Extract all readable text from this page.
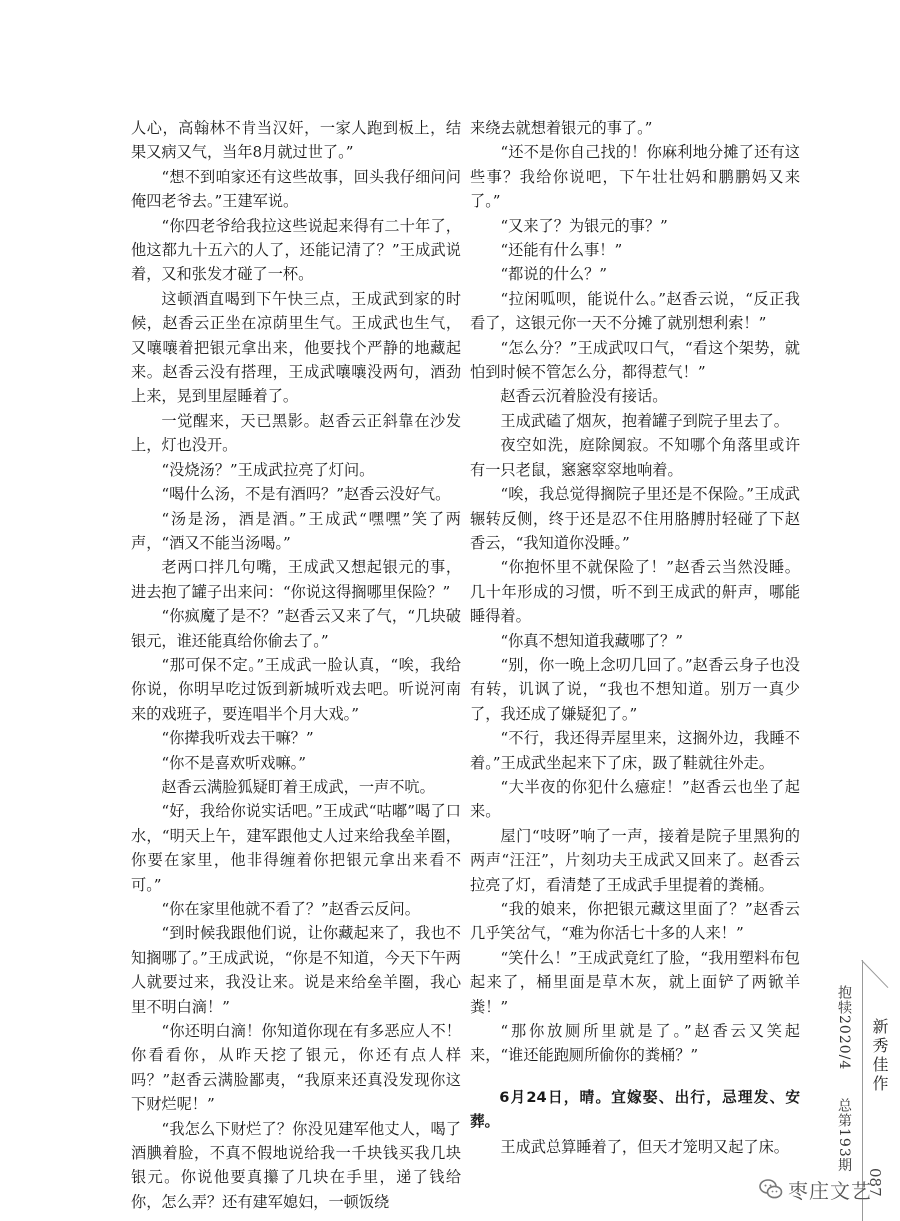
人心，高翰林不肯当汉奸，一家人跑到板上，结果又病又气，当年8月就过世了。”

“想不到咱家还有这些故事，回头我仔细问问俺四老爷去。”王建军说。

“你四老爷给我拉这些说起来得有二十年了，他这都九十五六的人了，还能记清了？”王成武说着，又和张发才碰了一杯。

这顿酒直喝到下午快三点，王成武到家的时候，赵香云正坐在凉荫里生气。王成武也生气，又嚷嚷着把银元拿出来，他要找个严静的地藏起来。赵香云没有搭理，王成武嚷嚷没两句，酒劲上来，晃到里屋睡着了。

一觉醒来，天已黑影。赵香云正斜靠在沙发上，灯也没开。

“没烧汤？”王成武拉亮了灯问。

“喝什么汤，不是有酒吗？”赵香云没好气。

“汤是汤，酒是酒。”王成武“嘿嘿”笑了两声，“酒又不能当汤喝。”

老两口拌几句嘴，王成武又想起银元的事，进去抱了罐子出来问：“你说这得搁哪里保险？”

“你疯魔了是不？”赵香云又来了气，“几块破银元，谁还能真给你偷去了。”

“那可保不定。”王成武一脸认真，“唉，我给你说，你明早吃过饭到新城听戏去吧。听说河南来的戏班子，要连唱半个月大戏。”

“你撵我听戏去干嘛？”

“你不是喜欢听戏嘛。”

赵香云满脸狐疑盯着王成武，一声不吭。

“好，我给你说实话吧。”王成武“咕嘟”喝了口水，“明天上午，建军跟他丈人过来给我垒羊圈，你要在家里，他非得缠着你把银元拿出来看不可。”

“你在家里他就不看了？”赵香云反问。

“到时候我跟他们说，让你藏起来了，我也不知搁哪了。”王成武说，“你是不知道，今天下午两人就要过来，我没让来。说是来给垒羊圈，我心里不明白滴！”

“你还明白滴！你知道你现在有多恶应人不！你看看你，从昨天挖了银元，你还有点人样吗？”赵香云满脸鄙夷，“我原来还真没发现你这下财烂呢！”

“我怎么下财烂了？你没见建军他丈人，喝了酒腆着脸，不真不假地说给我一千块钱买我几块银元。你说他要真攥了几块在手里，递了钱给你，怎么弄？还有建军媳妇，一顿饭绕

来绕去就想着银元的事了。”

“还不是你自己找的！你麻利地分摊了还有这些事？我给你说吧，下午壮壮妈和鹏鹏妈又来了。”

“又来了？为银元的事？”

“还能有什么事！”

“都说的什么？”

“拉闲呱呗，能说什么。”赵香云说，“反正我看了，这银元你一天不分摊了就别想利索！”

“怎么分？”王成武叹口气，“看这个架势，就怕到时候不管怎么分，都得惹气！”

赵香云沉着脸没有接话。

王成武磕了烟灰，抱着罐子到院子里去了。

夜空如洗，庭除阒寂。不知哪个角落里或许有一只老鼠，窸窸窣窣地响着。

“唉，我总觉得搁院子里还是不保险。”王成武辗转反侧，终于还是忍不住用胳膊肘轻碰了下赵香云，“我知道你没睡。”

“你抱怀里不就保险了！”赵香云当然没睡。几十年形成的习惯，听不到王成武的鼾声，哪能睡得着。

“你真不想知道我藏哪了？”

“别，你一晚上念叨几回了。”赵香云身子也没有转，讥讽了说，“我也不想知道。别万一真少了，我还成了嫌疑犯了。”

“不行，我还得弄屋里来，这搁外边，我睡不着。”王成武坐起来下了床，趿了鞋就往外走。

“大半夜的你犯什么癔症！”赵香云也坐了起来。

屋门“吱呀”响了一声，接着是院子里黑狗的两声“汪汪”，片刻功夫王成武又回来了。赵香云拉亮了灯，看清楚了王成武手里提着的粪桶。

“我的娘来，你把银元藏这里面了？”赵香云几乎笑岔气，“难为你活七十多的人来！”

“笑什么！”王成武竟红了脸，“我用塑料布包起来了，桶里面是草木灰，就上面铲了两锨羊粪！”

“那你放厕所里就是了。”赵香云又笑起来，“谁还能跑厕所偷你的粪桶？”

6月24日，晴。宜嫁娶、出行，忌理发、安葬。

王成武总算睡着了，但天才笼明又起了床。

抱犊2020/4
总第193期
新秀佳作
087
枣庄文艺
